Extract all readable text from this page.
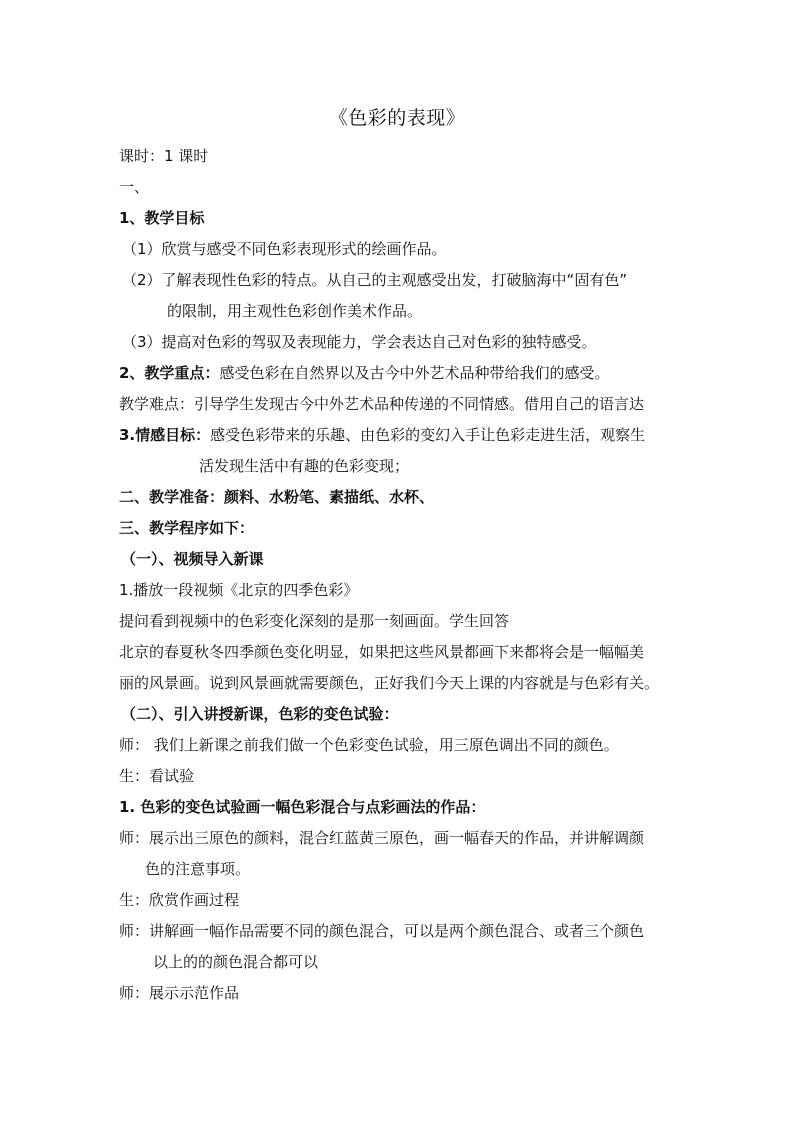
《色彩的表现》
课时：1 课时
一、
1、教学目标
（1）欣赏与感受不同色彩表现形式的绘画作品。
（2）了解表现性色彩的特点。从自己的主观感受出发，打破脑海中“固有色”
的限制，用主观性色彩创作美术作品。
（3）提高对色彩的驾驭及表现能力，学会表达自己对色彩的独特感受。
2、教学重点：感受色彩在自然界以及古今中外艺术品种带给我们的感受。
教学难点：引导学生发现古今中外艺术品种传递的不同情感。借用自己的语言达
3.情感目标：感受色彩带来的乐趣、由色彩的变幻入手让色彩走进生活，观察生
活发现生活中有趣的色彩变现；
二、教学准备：颜料、水粉笔、素描纸、水杯、
三、教学程序如下：
（一）、视频导入新课
1.播放一段视频《北京的四季色彩》
提问看到视频中的色彩变化深刻的是那一刻画面。学生回答
北京的春夏秋冬四季颜色变化明显，如果把这些风景都画下来都将会是一幅幅美
丽的风景画。说到风景画就需要颜色，正好我们今天上课的内容就是与色彩有关。
（二）、引入讲授新课，色彩的变色试验：
师： 我们上新课之前我们做一个色彩变色试验，用三原色调出不同的颜色。
生：看试验
1. 色彩的变色试验画一幅色彩混合与点彩画法的作品：
师：展示出三原色的颜料，混合红蓝黄三原色，画一幅春天的作品，并讲解调颜
色的注意事项。
生：欣赏作画过程
师：讲解画一幅作品需要不同的颜色混合，可以是两个颜色混合、或者三个颜色
以上的的颜色混合都可以
师：展示示范作品
